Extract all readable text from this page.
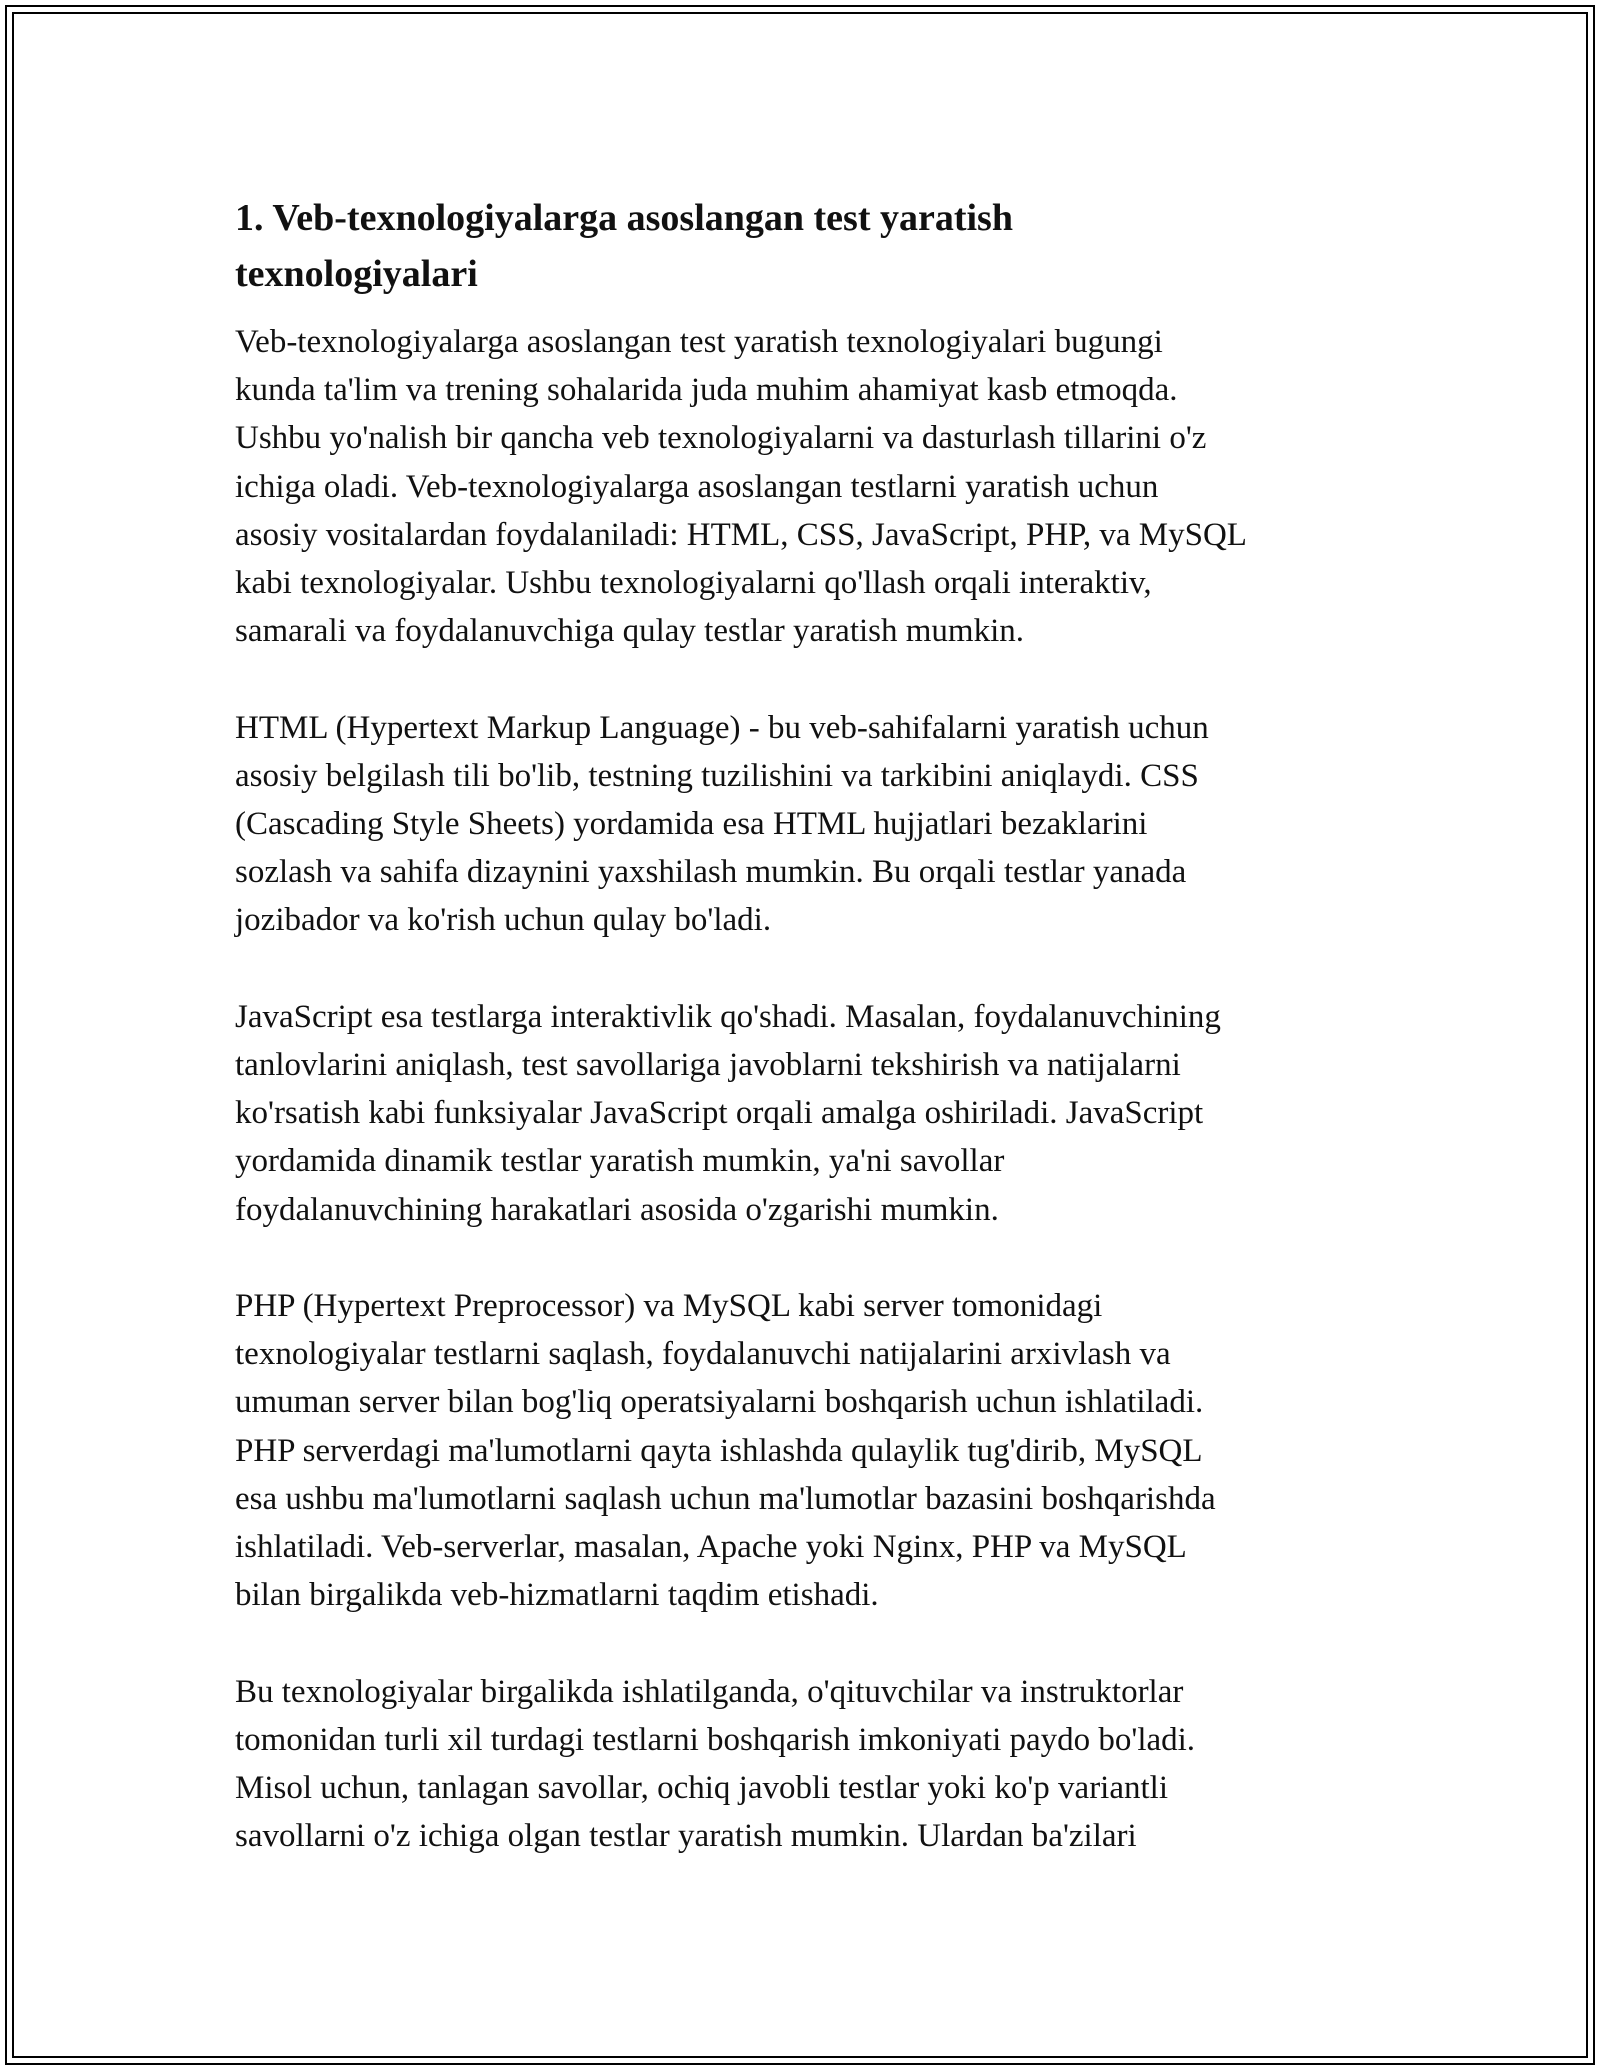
1. Veb-texnologiyalarga asoslangan test yaratish
texnologiyalari

Veb-texnologiyalarga asoslangan test yaratish texnologiyalari bugungi
kunda ta'lim va trening sohalarida juda muhim ahamiyat kasb etmoqda.
Ushbu yo'nalish bir qancha veb texnologiyalarni va dasturlash tillarini o'z
ichiga oladi. Veb-texnologiyalarga asoslangan testlarni yaratish uchun
asosiy vositalardan foydalaniladi: HTML, CSS, JavaScript, PHP, va MySQL
kabi texnologiyalar. Ushbu texnologiyalarni qo'llash orqali interaktiv,
samarali va foydalanuvchiga qulay testlar yaratish mumkin.

HTML (Hypertext Markup Language) - bu veb-sahifalarni yaratish uchun
asosiy belgilash tili bo'lib, testning tuzilishini va tarkibini aniqlaydi. CSS
(Cascading Style Sheets) yordamida esa HTML hujjatlari bezaklarini
sozlash va sahifa dizaynini yaxshilash mumkin. Bu orqali testlar yanada
jozibador va ko'rish uchun qulay bo'ladi.

JavaScript esa testlarga interaktivlik qo'shadi. Masalan, foydalanuvchining
tanlovlarini aniqlash, test savollariga javoblarni tekshirish va natijalarni
ko'rsatish kabi funksiyalar JavaScript orqali amalga oshiriladi. JavaScript
yordamida dinamik testlar yaratish mumkin, ya'ni savollar
foydalanuvchining harakatlari asosida o'zgarishi mumkin.

PHP (Hypertext Preprocessor) va MySQL kabi server tomonidagi
texnologiyalar testlarni saqlash, foydalanuvchi natijalarini arxivlash va
umuman server bilan bog'liq operatsiyalarni boshqarish uchun ishlatiladi.
PHP serverdagi ma'lumotlarni qayta ishlashda qulaylik tug'dirib, MySQL
esa ushbu ma'lumotlarni saqlash uchun ma'lumotlar bazasini boshqarishda
ishlatiladi. Veb-serverlar, masalan, Apache yoki Nginx, PHP va MySQL
bilan birgalikda veb-hizmatlarni taqdim etishadi.

Bu texnologiyalar birgalikda ishlatilganda, o'qituvchilar va instruktorlar
tomonidan turli xil turdagi testlarni boshqarish imkoniyati paydo bo'ladi.
Misol uchun, tanlagan savollar, ochiq javobli testlar yoki ko'p variantli
savollarni o'z ichiga olgan testlar yaratish mumkin. Ulardan ba'zilari
